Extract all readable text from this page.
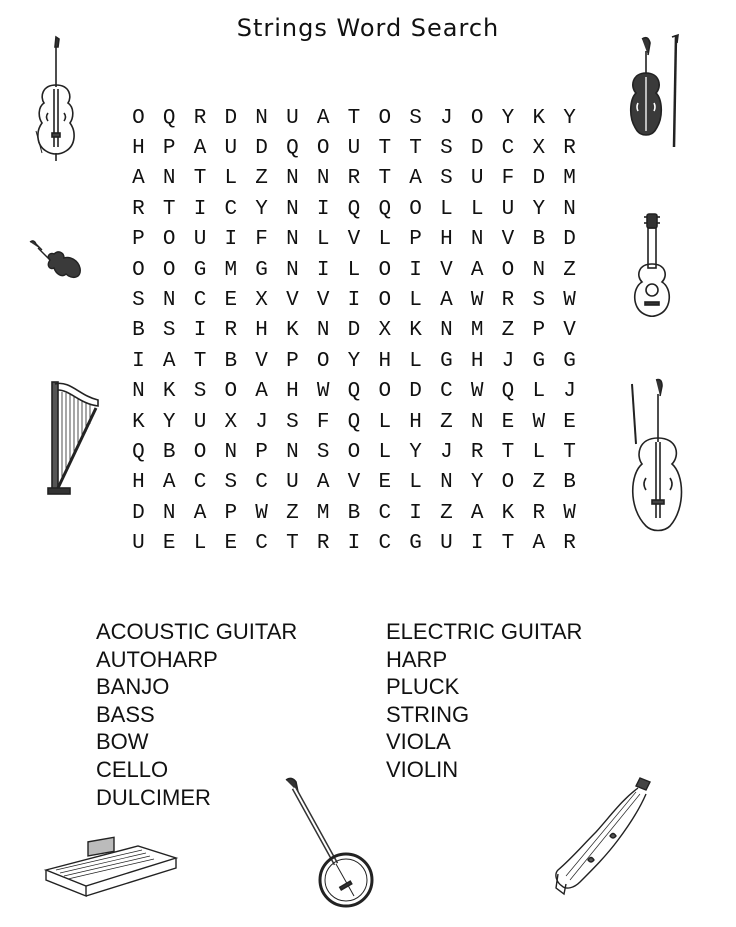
Strings Word Search
O Q R D N U A T O S J O Y K Y
H P A U D Q O U T T S D C X R
A N T L Z N N R T A S U F D M
R T I C Y N I Q Q O L L U Y N
P O U I F N L V L P H N V B D
O O G M G N I L O I V A O N Z
S N C E X V V I O L A W R S W
B S I R H K N D X K N M Z P V
I A T B V P O Y H L G H J G G
N K S O A H W Q O D C W Q L J
K Y U X J S F Q L H Z N E W E
Q B O N P N S O L Y J R T L T
H A C S C U A V E L N Y O Z B
D N A P W Z M B C I Z A K R W
U E L E C T R I C G U I T A R
ACOUSTIC GUITAR
AUTOHARP
BANJO
BASS
BOW
CELLO
DULCIMER
ELECTRIC GUITAR
HARP
PLUCK
STRING
VIOLA
VIOLIN
